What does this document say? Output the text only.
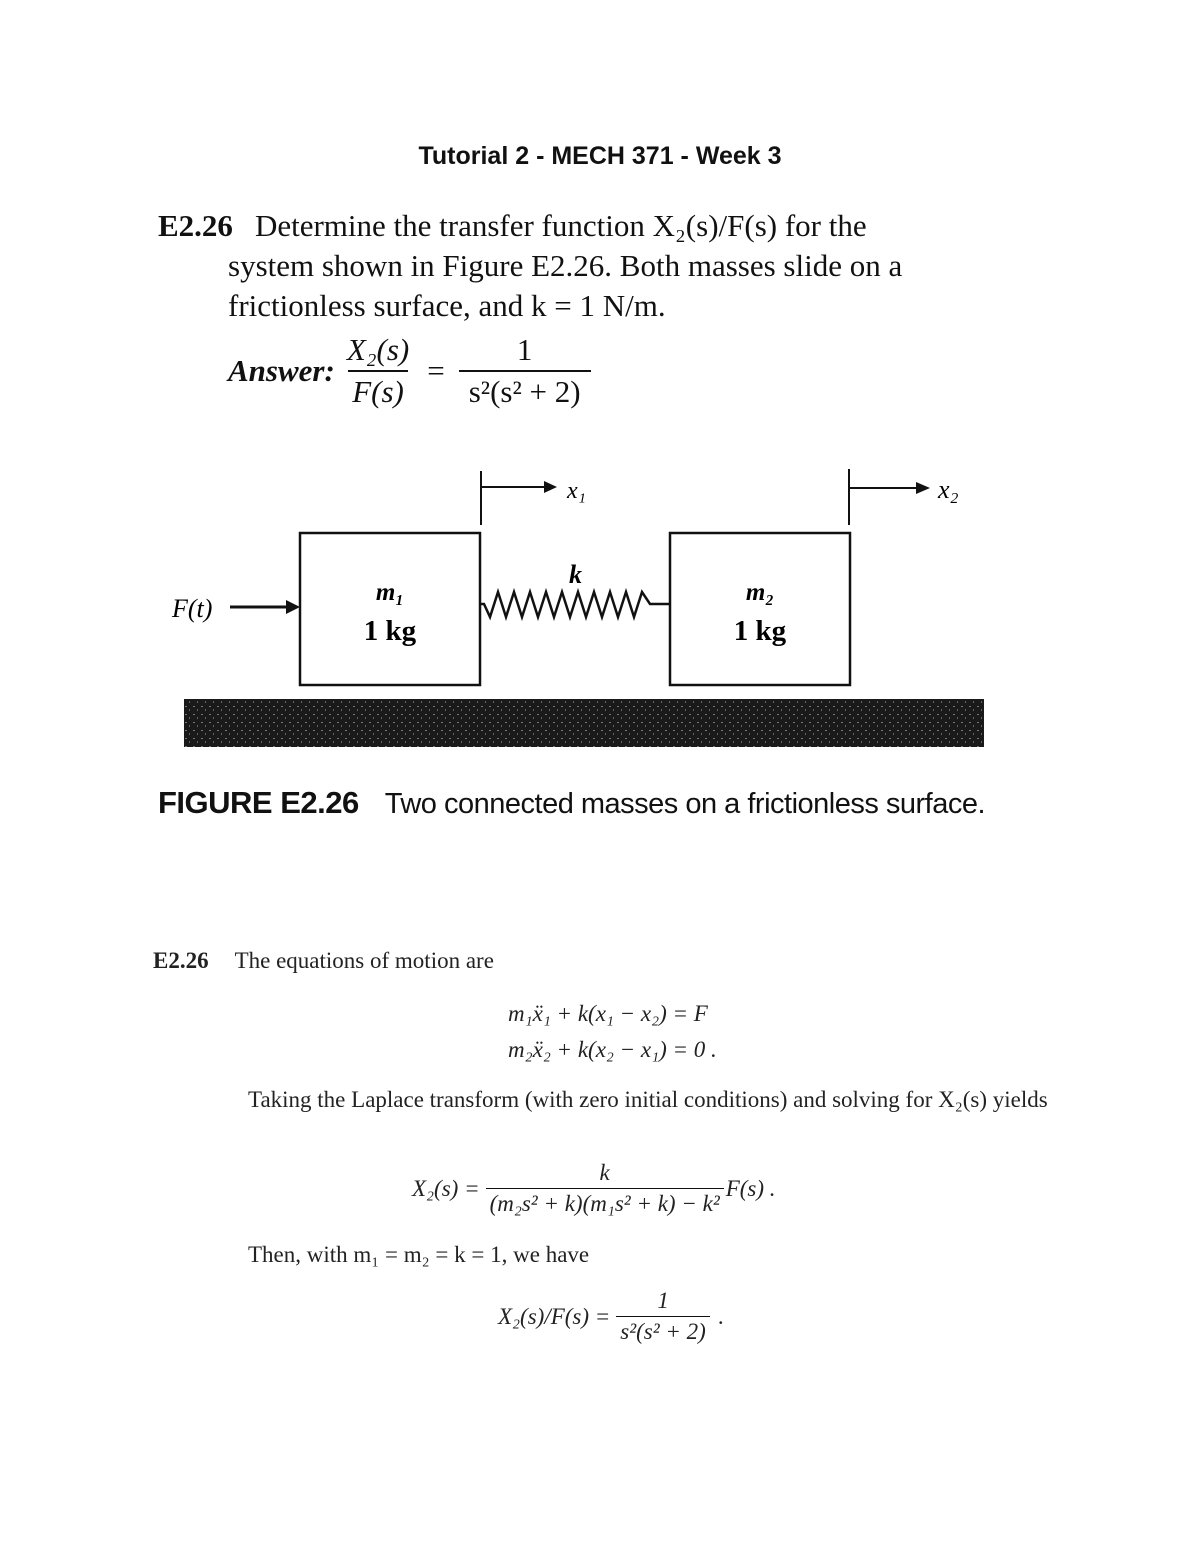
Tutorial 2 - MECH 371 - Week 3
E2.26 Determine the transfer function X₂(s)/F(s) for the
system shown in Figure E2.26. Both masses slide on a
frictionless surface, and k = 1 N/m.
Answer: $\frac{\text{X₂(s)}}{F(s)} = \frac{1}{\text{s²(s² + 2)}}$
F(t)
x₁	x₂
k
m₁
1 kg
m₂
1 kg
FIGURE E2.26 Two connected masses on a frictionless surface.
E2.26 The equations of motion are
m₁ẍ₁ + k(x₁ − x₂) = F
m₂ẍ₂ + k(x₂ − x₁) = 0 .
Taking the Laplace transform (with zero initial conditions) and solving for X₂(s) yields
$X_2(s) = \frac{k}{\text{(m₂s² + k)(m₁s² + k) − k²}} F(s)$ .
Then, with m₁ = m₂ = k = 1, we have
$X_2(s)/F(s) = \frac{1}{\text{s²(s² + 2)}}$ .
